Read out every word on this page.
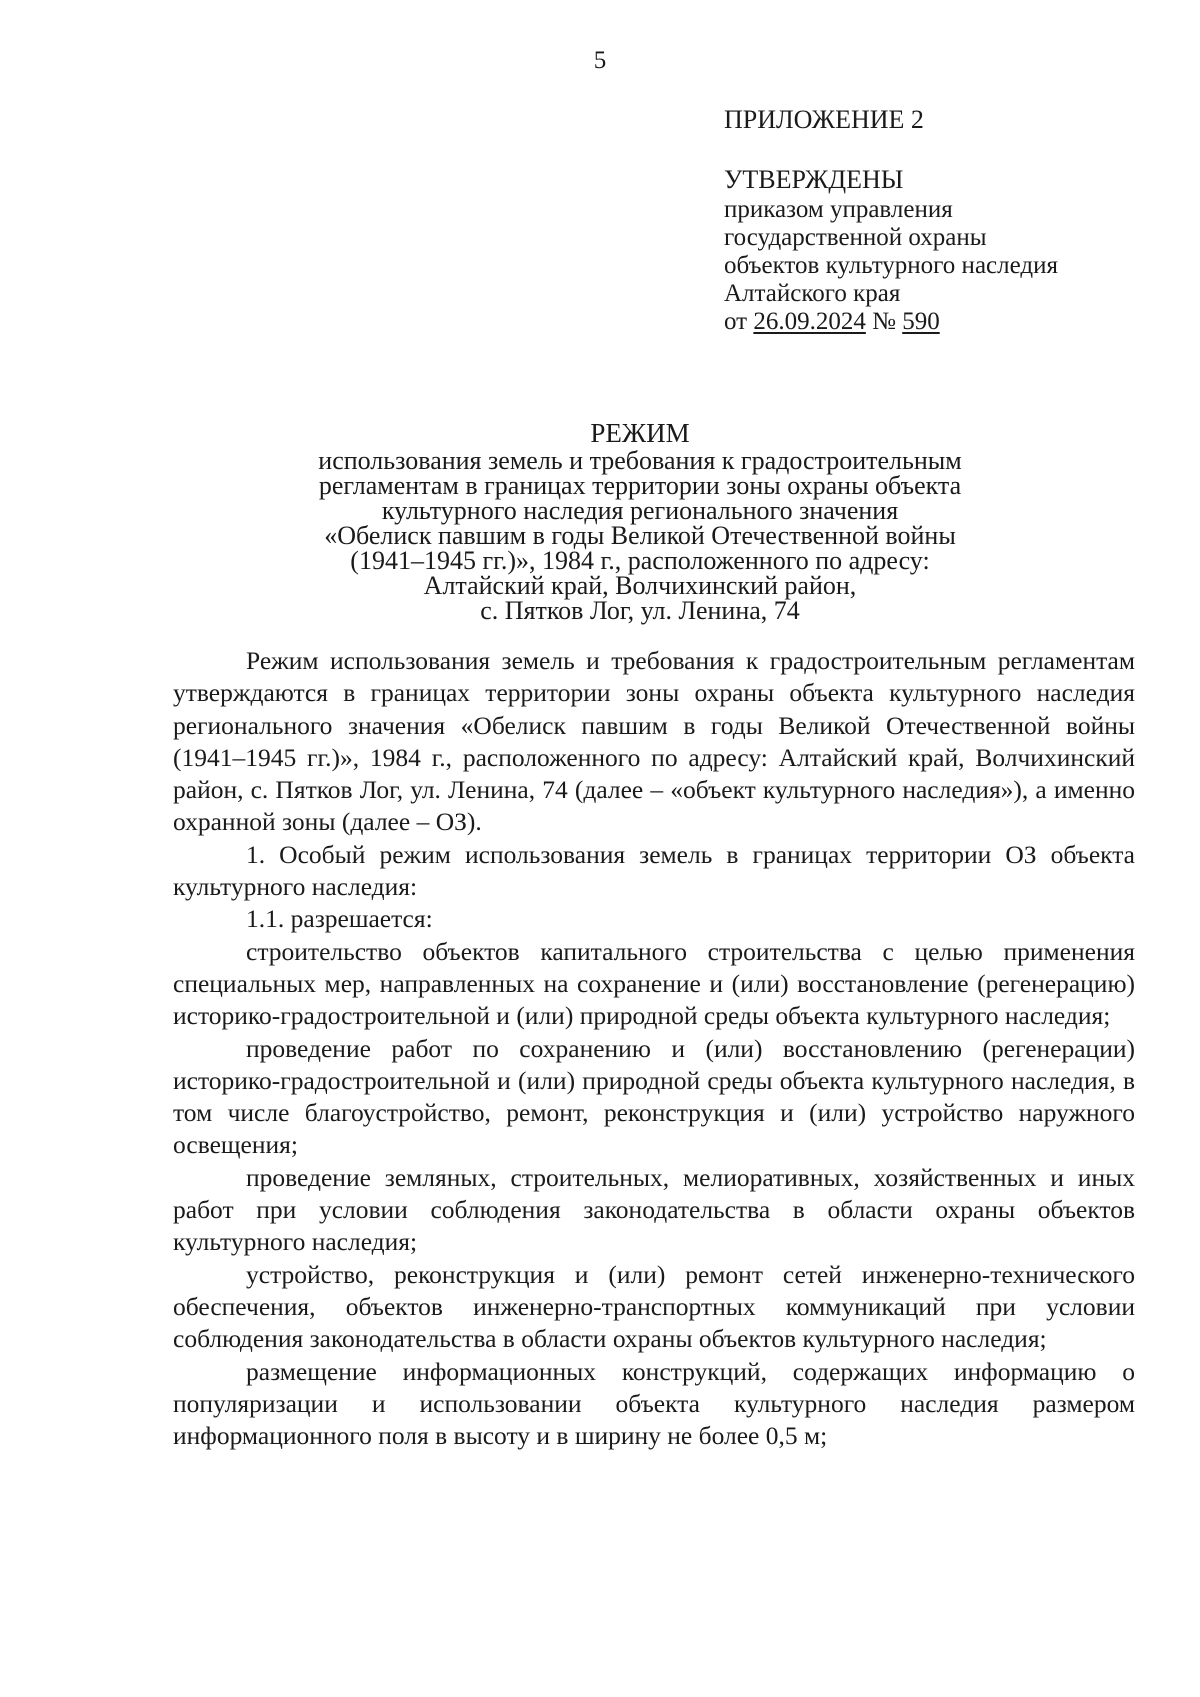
5
ПРИЛОЖЕНИЕ 2
УТВЕРЖДЕНЫ
приказом управления
государственной охраны
объектов культурного наследия
Алтайского края
от 26.09.2024 № 590
РЕЖИМ
использования земель и требования к градостроительным
регламентам в границах территории зоны охраны объекта
культурного наследия регионального значения
«Обелиск павшим в годы Великой Отечественной войны
(1941–1945 гг.)», 1984 г., расположенного по адресу:
Алтайский край, Волчихинский район,
с. Пятков Лог, ул. Ленина, 74

Режим использования земель и требования к градостроительным регламентам утверждаются в границах территории зоны охраны объекта культурного наследия регионального значения «Обелиск павшим в годы Великой Отечественной войны (1941–1945 гг.)», 1984 г., расположенного по адресу: Алтайский край, Волчихинский район, с. Пятков Лог, ул. Ленина, 74 (далее – «объект культурного наследия»), а именно охранной зоны (далее – ОЗ).

1. Особый режим использования земель в границах территории ОЗ объекта культурного наследия:

1.1. разрешается:

строительство объектов капитального строительства с целью применения специальных мер, направленных на сохранение и (или) восстановление (регенерацию) историко-градостроительной и (или) природной среды объекта культурного наследия;

проведение работ по сохранению и (или) восстановлению (регенерации) историко-градостроительной и (или) природной среды объекта культурного наследия, в том числе благоустройство, ремонт, реконструкция и (или) устройство наружного освещения;

проведение земляных, строительных, мелиоративных, хозяйственных и иных работ при условии соблюдения законодательства в области охраны объектов культурного наследия;

устройство, реконструкция и (или) ремонт сетей инженерно-технического обеспечения, объектов инженерно-транспортных коммуникаций при условии соблюдения законодательства в области охраны объектов культурного наследия;

размещение информационных конструкций, содержащих информацию о популяризации и использовании объекта культурного наследия размером информационного поля в высоту и в ширину не более 0,5 м;
